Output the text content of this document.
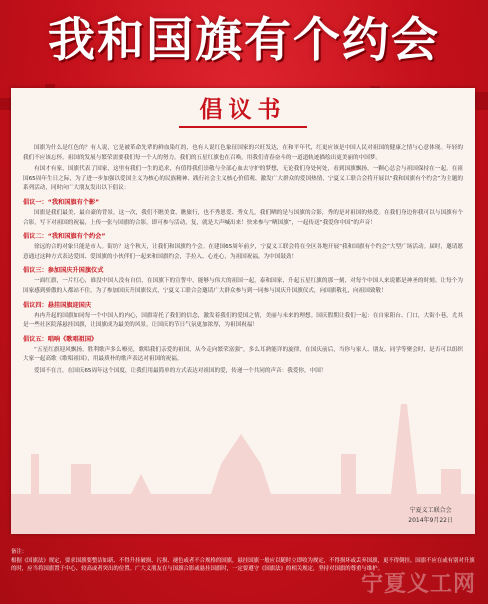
我和国旗有个约会
倡议书

国旗为什么是红色的？有人说，它是被革命先辈的鲜血染红的，也有人说红色象征国家的兴旺发达，在和平年代，红更应该是中国人民对祖国的健康之情与心意体现。年轻的我们不应该忘怀，祖国的发展与繁荣需要我们每一个人的努力。我们的五星红旗也在召唤，用我们青春奋斗的一道道轨迹描绘出更美丽的中国梦。

有国才有家，国旗代表了国家，这里有我们一生的追求，有值得我们崇敬与全部心血去守护的梦想，无论我们身处何处，看到国旗飘扬，一颗心总会与祖国保持在一起。在祖国65周年生日之际，为了进一步加强以爱国主义为核心的民族精神、践行社会主义核心价值观、激发广大群众的爱国热情，宁夏义工联合会将开展以“我和国旗有个约会”为主题的系列活动，同时向广大朋友发出以下倡议：

倡议一：“我和国旗有个影”

国旗是我们最美、最自豪的背景，这一次，我们不瞧美食、瞧旅行，也不秀恩爱、秀女儿，我们晒的是与国旗的合影，秀的是对祖国的热爱。在我们身边你我可以与国旗有个合影，写下对祖国的祝福，上传一张与国旗的合影，即可参与活动，复，就是大声喊出来！快来参与“晒国旗”，一起传送“我爱你中国”的声音！

倡议二：“我和国旗有个约会”

徐远的合的对象只能是市人。街坊？这个秋天，让我们和国旗约个会。在建国65周年前夕，宁夏义工联会将在全区各地开展“我和国旗有个约会”大型广场活动。届时，邀请愿意通过这种方式表达爱国、爱国旗的小伙伴们一起来和国旗约会，手拉入、心连心，为祖国祝福，为中国鼓劲！

倡议三：参加国庆升国旗仪式

一面红旗，一片红心，谁没中国人没有自信，在国旗下的宣誓中，能够与伟大的祖国一起，泰和国家，升起五星红旗的那一刻，对每个中国人来说都是神圣的时刻。让每个为国家感到骄傲的人都站不住，为了参加国庆升国旗仪式，宁夏义工联合会邀请广大群众参与到一同参与国庆升国旗仪式，向国旗敬礼，向祖国致敬！

倡议四：悬挂国旗迎国庆

冉冉升起的国旗如同每一个中国人的内心，国旗寄托了我们的信念，激发着我们的爱国之情，美丽与未来的理想。国庆假期让我们一起：在自家阳台、门口，大街小巷，尤其是一些社区院落悬挂国旗，让国旗成为最美的风景，让国庆的节日气氛更加浓厚，为祖国祝福！

倡议五：唱响《歌唱祖国》

“五星红旗迎风飘扬，胜利歌声多么嘹亮，歌唱我们亲爱的祖国，从今走向繁荣富强”，多么耳熟能详的旋律，在国庆前后，当你与家人、朋友、同学等聚会时，是否可以组织大家一起高歌《歌唱祖国》，用最质朴的歌声表达对祖国的祝福。

爱国不在言，在国庆65周年这个国度，让我们用最简单的方式表达对祖国的爱，传递一个共同的声音：我爱你，中国！

宁夏义工联合会
2014年9月22日
备注：
根据《国旗法》规定，要求国旗要整洁如新、不得升挂破损、污损、褪色或者不合规格的国旗，悬挂国旗一般应以随时立即收为规定，不得损坏或丢弃国旗，更不得倒挂。国旗不应在或有别对升旗的时，应当将国旗置于中心、较高或者突出的位置。广大义朋友在与国旗合影或悬挂国旗时，一定要遵守《国旗法》的相关规定，坚持对国旗的尊重与维护。
宁夏义工网
